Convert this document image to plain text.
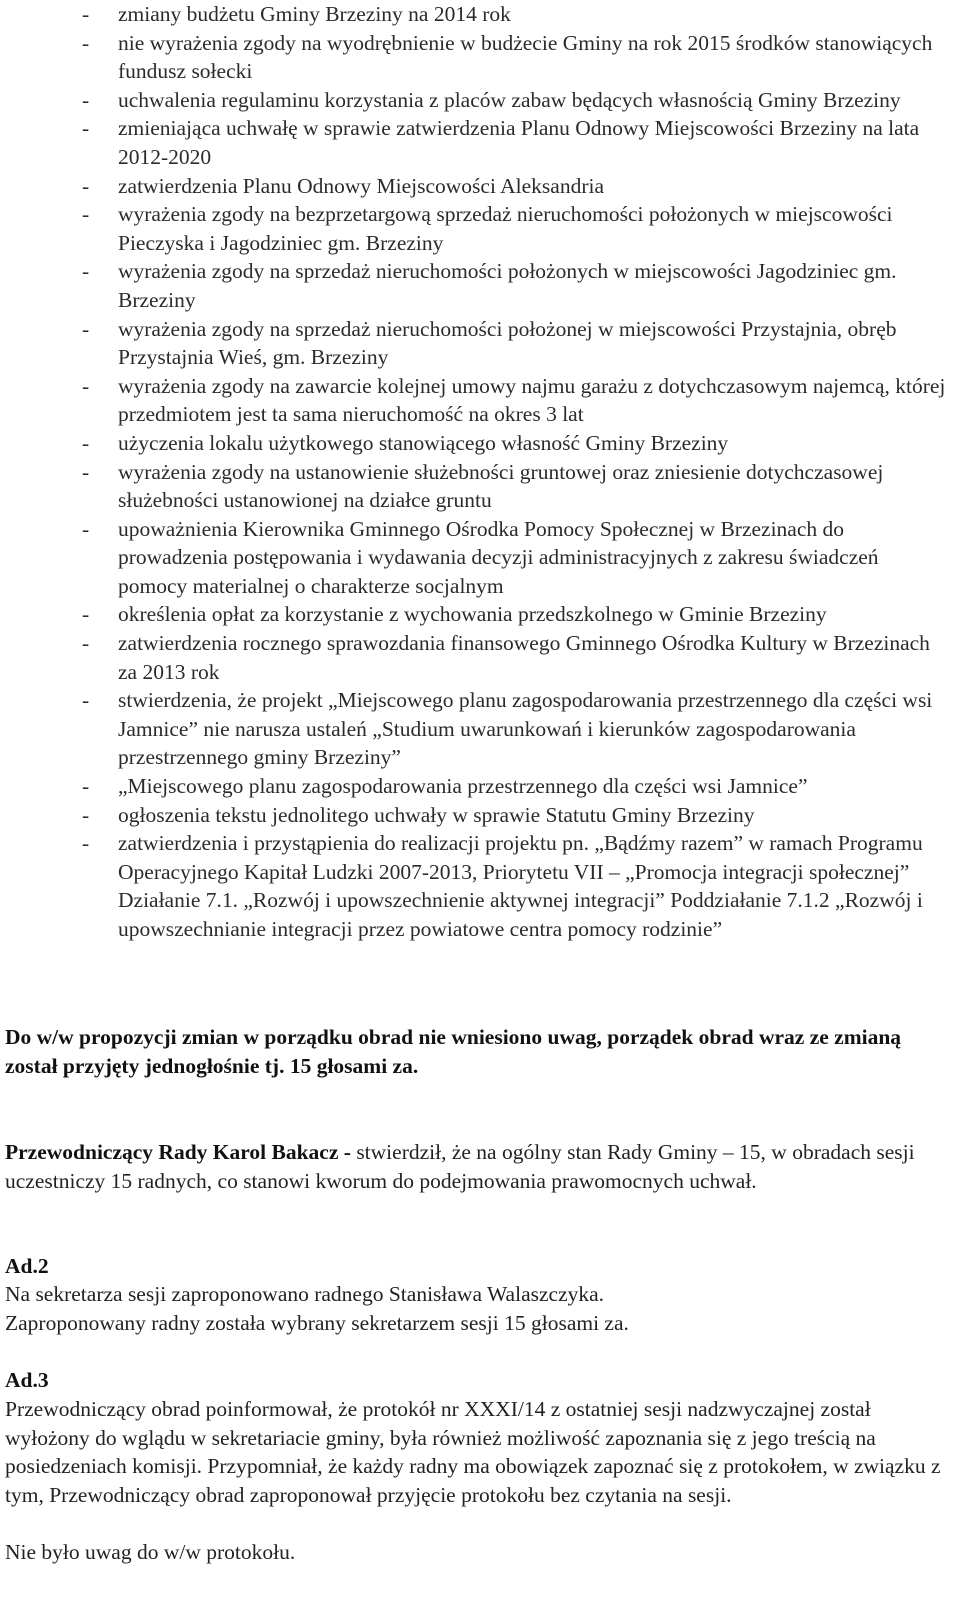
- zmiany budżetu Gminy Brzeziny na 2014 rok
- nie wyrażenia zgody na wyodrębnienie w budżecie Gminy na rok 2015 środków stanowiących fundusz sołecki
- uchwalenia regulaminu korzystania z placów zabaw będących własnością Gminy Brzeziny
- zmieniająca uchwałę w sprawie zatwierdzenia Planu Odnowy Miejscowości Brzeziny na lata 2012-2020
- zatwierdzenia Planu Odnowy Miejscowości Aleksandria
- wyrażenia zgody na bezprzetargową sprzedaż nieruchomości położonych w miejscowości Pieczyska i Jagodziniec gm. Brzeziny
- wyrażenia zgody na sprzedaż nieruchomości położonych w miejscowości Jagodziniec gm. Brzeziny
- wyrażenia zgody na sprzedaż nieruchomości położonej w miejscowości Przystajnia, obręb Przystajnia Wieś, gm. Brzeziny
- wyrażenia zgody na zawarcie kolejnej umowy najmu garażu z dotychczasowym najemcą, której przedmiotem jest ta sama nieruchomość na okres 3 lat
- użyczenia lokalu użytkowego stanowiącego własność Gminy Brzeziny
- wyrażenia zgody na ustanowienie służebności gruntowej oraz zniesienie dotychczasowej służebności ustanowionej na działce gruntu
- upoważnienia Kierownika Gminnego Ośrodka Pomocy Społecznej w Brzezinach do prowadzenia postępowania i wydawania decyzji administracyjnych z zakresu świadczeń pomocy materialnej o charakterze socjalnym
- określenia opłat za korzystanie z wychowania przedszkolnego w Gminie Brzeziny
- zatwierdzenia rocznego sprawozdania finansowego Gminnego Ośrodka Kultury w Brzezinach za 2013 rok
- stwierdzenia, że projekt „Miejscowego planu zagospodarowania przestrzennego dla części wsi Jamnice” nie narusza ustaleń „Studium uwarunkowań i kierunków zagospodarowania przestrzennego gminy Brzeziny”
- „Miejscowego planu zagospodarowania przestrzennego dla części wsi Jamnice”
- ogłoszenia tekstu jednolitego uchwały w sprawie Statutu Gminy Brzeziny
- zatwierdzenia i przystąpienia do realizacji projektu pn. „Bądźmy razem” w ramach Programu Operacyjnego Kapitał Ludzki 2007-2013, Priorytetu VII – „Promocja integracji społecznej” Działanie 7.1. „Rozwój i upowszechnienie aktywnej integracji” Poddziałanie 7.1.2 „Rozwój i upowszechnianie integracji przez powiatowe centra pomocy rodzinie”
Do w/w propozycji zmian w porządku obrad nie wniesiono uwag, porządek obrad wraz ze zmianą został przyjęty jednogłośnie tj. 15 głosami za.
Przewodniczący Rady Karol Bakacz - stwierdził, że na ogólny stan Rady Gminy – 15, w obradach sesji uczestniczy 15 radnych, co stanowi kworum do podejmowania prawomocnych uchwał.
Ad.2
Na sekretarza sesji zaproponowano radnego Stanisława Walaszczyka.
Zaproponowany radny została wybrany sekretarzem sesji 15 głosami za.
Ad.3
Przewodniczący obrad poinformował, że protokół nr XXXI/14 z ostatniej sesji nadzwyczajnej został wyłożony do wglądu w sekretariacie gminy, była również możliwość zapoznania się z jego treścią na posiedzeniach komisji. Przypomniał, że każdy radny ma obowiązek zapoznać się z protokołem, w związku z tym, Przewodniczący obrad zaproponował przyjęcie protokołu bez czytania na sesji.
Nie było uwag do w/w protokołu.
